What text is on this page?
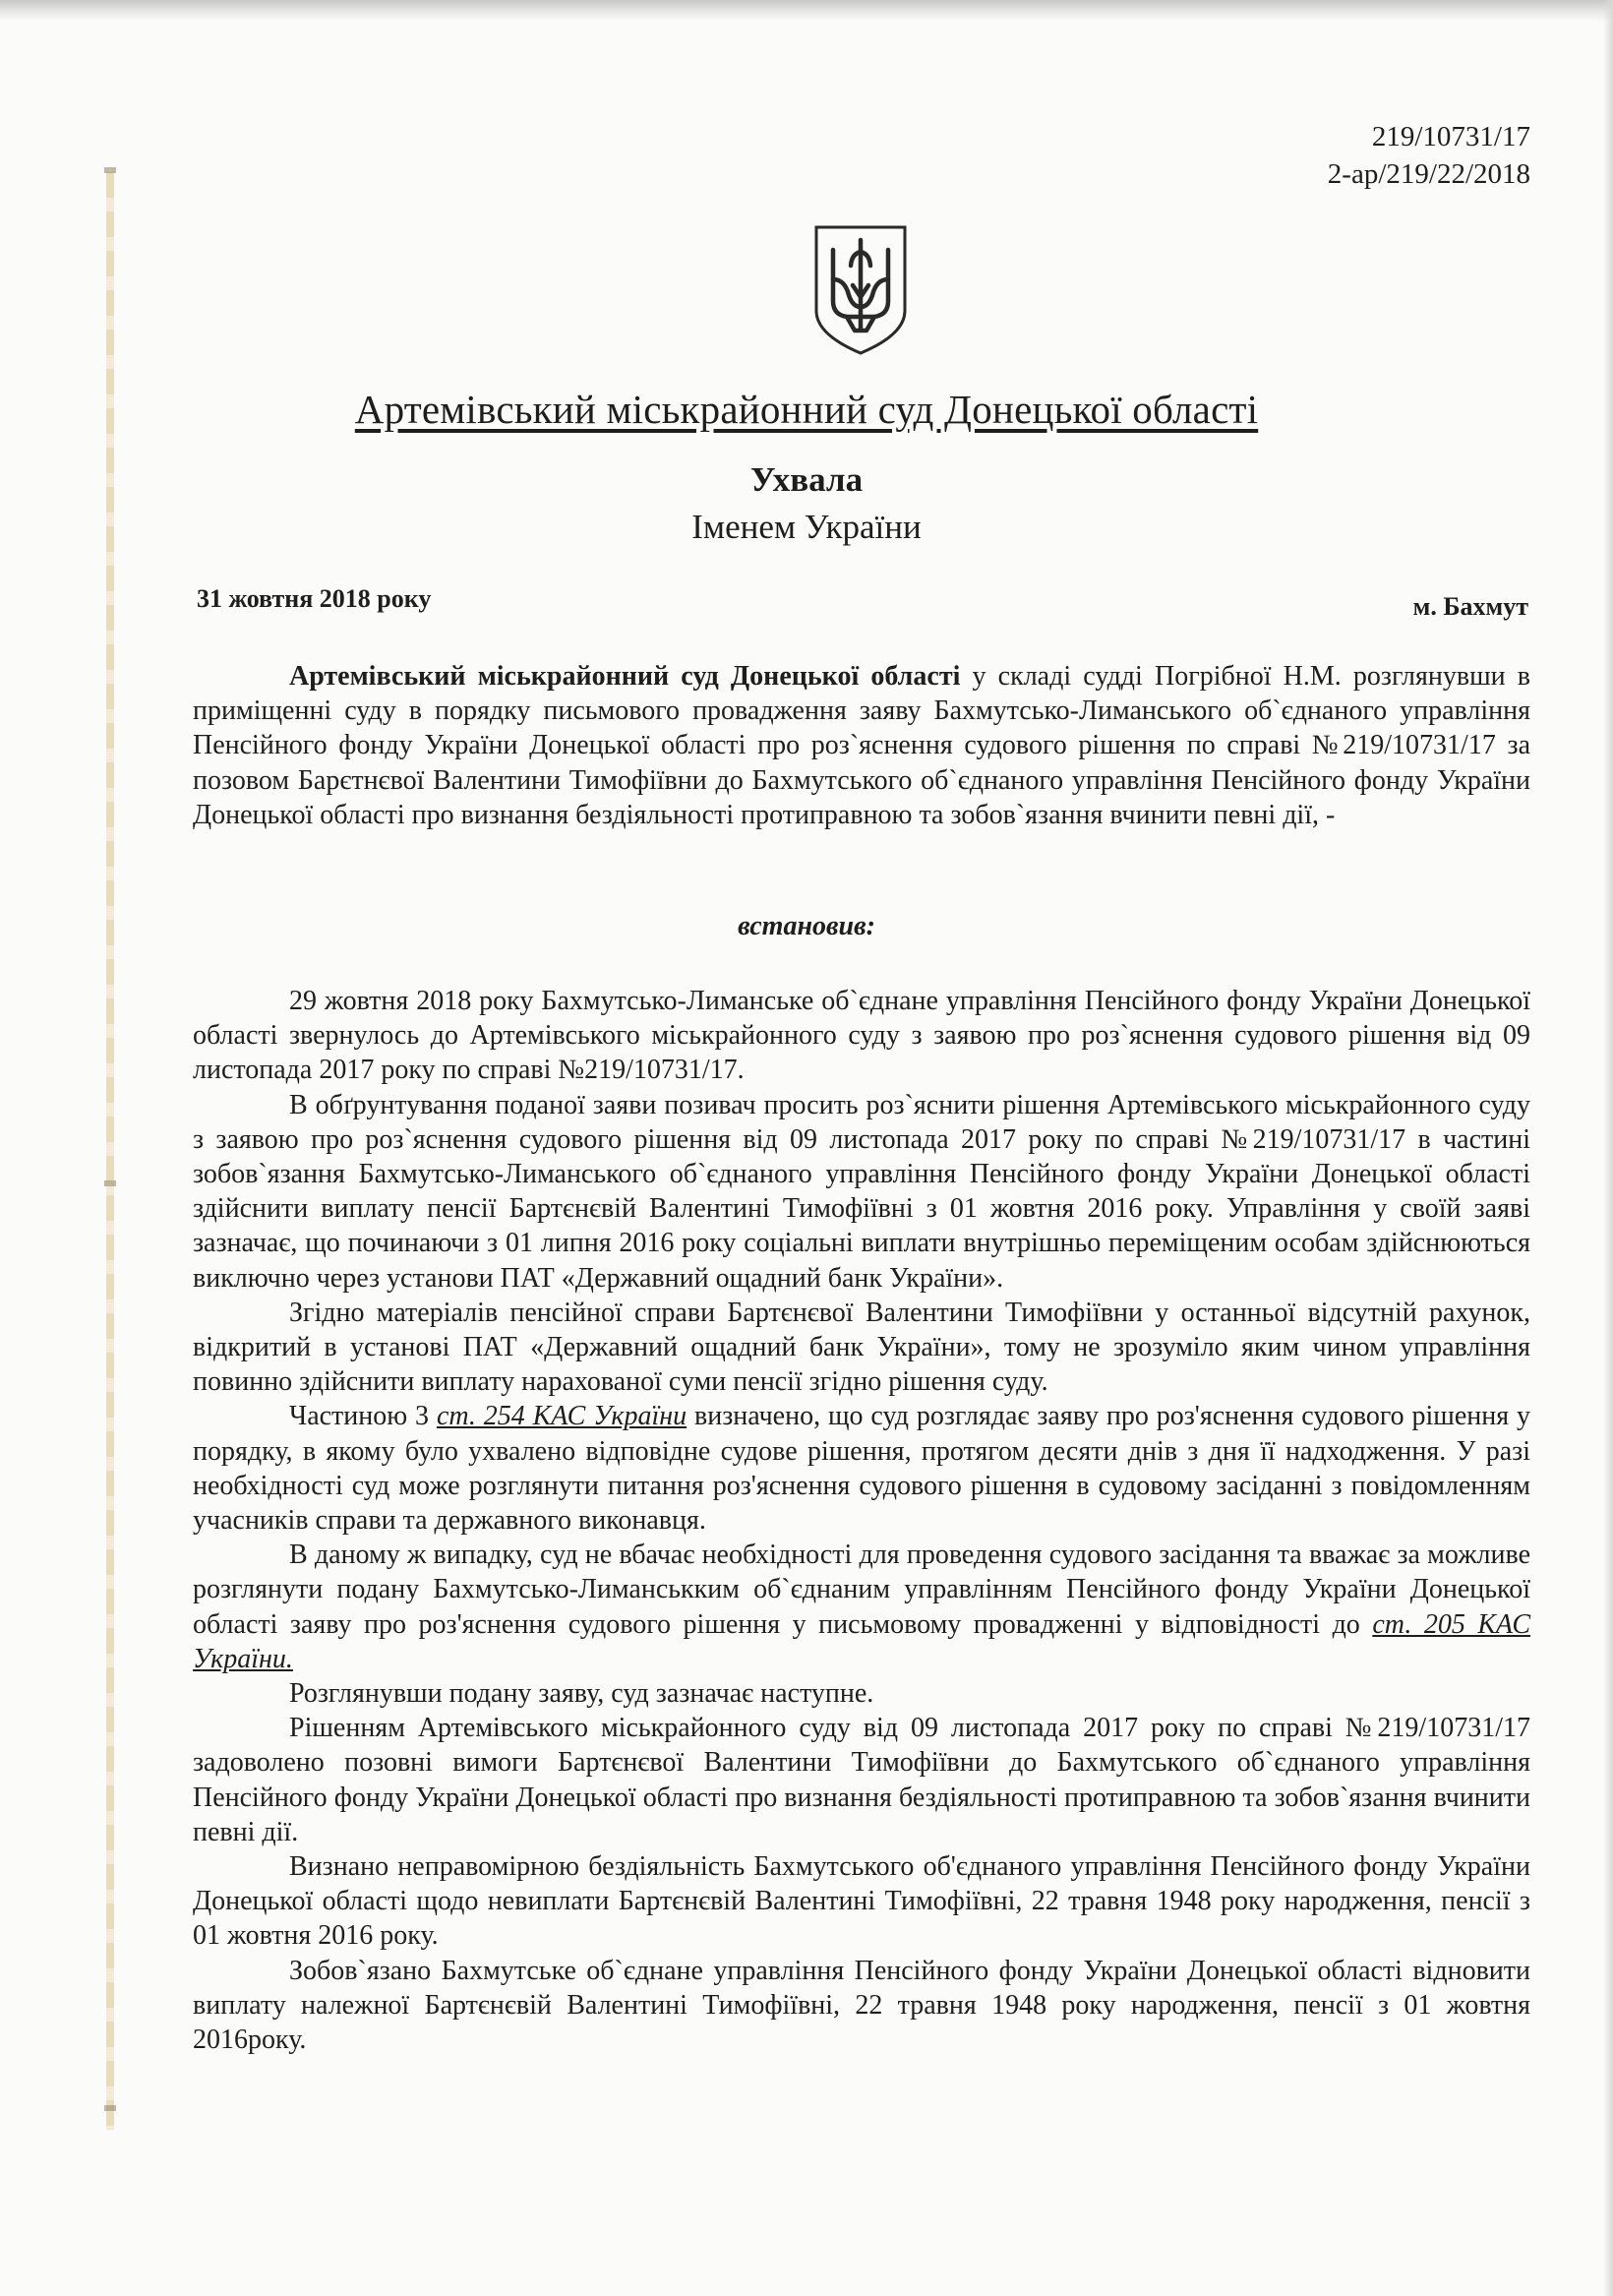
219/10731/17
2-ар/219/22/2018
Артемівський міськрайонний суд Донецької області
Ухвала
Іменем України
31 жовтня 2018 року	м. Бахмут

Артемівський міськрайонний суд Донецької області у складі судді Погрібної Н.М. розглянувши в приміщенні суду в порядку письмового провадження заяву Бахмутсько-Лиманського об`єднаного управління Пенсійного фонду України Донецької області про роз`яснення судового рішення по справі №219/10731/17 за позовом Барєтнєвої Валентини Тимофіївни до Бахмутського об`єднаного управління Пенсійного фонду України Донецької області про визнання бездіяльності протиправною та зобов`язання вчинити певні дії, -

встановив:

29 жовтня 2018 року Бахмутсько-Лиманське об`єднане управління Пенсійного фонду України Донецької області звернулось до Артемівського міськрайонного суду з заявою про роз`яснення судового рішення від 09 листопада 2017 року по справі №219/10731/17.

В обґрунтування поданої заяви позивач просить роз`яснити рішення Артемівського міськрайонного суду з заявою про роз`яснення судового рішення від 09 листопада 2017 року по справі №219/10731/17 в частині зобов`язання Бахмутсько-Лиманського об`єднаного управління Пенсійного фонду України Донецької області здійснити виплату пенсії Бартєнєвій Валентині Тимофіївні з 01 жовтня 2016 року. Управління у своїй заяві зазначає, що починаючи з 01 липня 2016 року соціальні виплати внутрішньо переміщеним особам здійснюються виключно через установи ПАТ «Державний ощадний банк України».

Згідно матеріалів пенсійної справи Бартєнєвої Валентини Тимофіївни у останньої відсутній рахунок, відкритий в установі ПАТ «Державний ощадний банк України», тому не зрозуміло яким чином управління повинно здійснити виплату нарахованої суми пенсії згідно рішення суду.

Частиною 3 ст. 254 КАС України визначено, що суд розглядає заяву про роз'яснення судового рішення у порядку, в якому було ухвалено відповідне судове рішення, протягом десяти днів з дня її надходження. У разі необхідності суд може розглянути питання роз'яснення судового рішення в судовому засіданні з повідомленням учасників справи та державного виконавця.

В даному ж випадку, суд не вбачає необхідності для проведення судового засідання та вважає за можливе розглянути подану Бахмутсько-Лиманськким об`єднаним управлінням Пенсійного фонду України Донецької області заяву про роз'яснення судового рішення у письмовому провадженні у відповідності до ст. 205 КАС України.

Розглянувши подану заяву, суд зазначає наступне.

Рішенням Артемівського міськрайонного суду від 09 листопада 2017 року по справі №219/10731/17 задоволено позовні вимоги Бартєнєвої Валентини Тимофіївни до Бахмутського об`єднаного управління Пенсійного фонду України Донецької області про визнання бездіяльності протиправною та зобов`язання вчинити певні дії.

Визнано неправомірною бездіяльність Бахмутського об'єднаного управління Пенсійного фонду України Донецької області щодо невиплати Бартєнєвій Валентині Тимофіївні, 22 травня 1948 року народження, пенсії з 01 жовтня 2016 року.

Зобов`язано Бахмутське об`єднане управління Пенсійного фонду України Донецької області відновити виплату належної Бартєнєвій Валентині Тимофіївні, 22 травня 1948 року народження, пенсії з 01 жовтня 2016року.
